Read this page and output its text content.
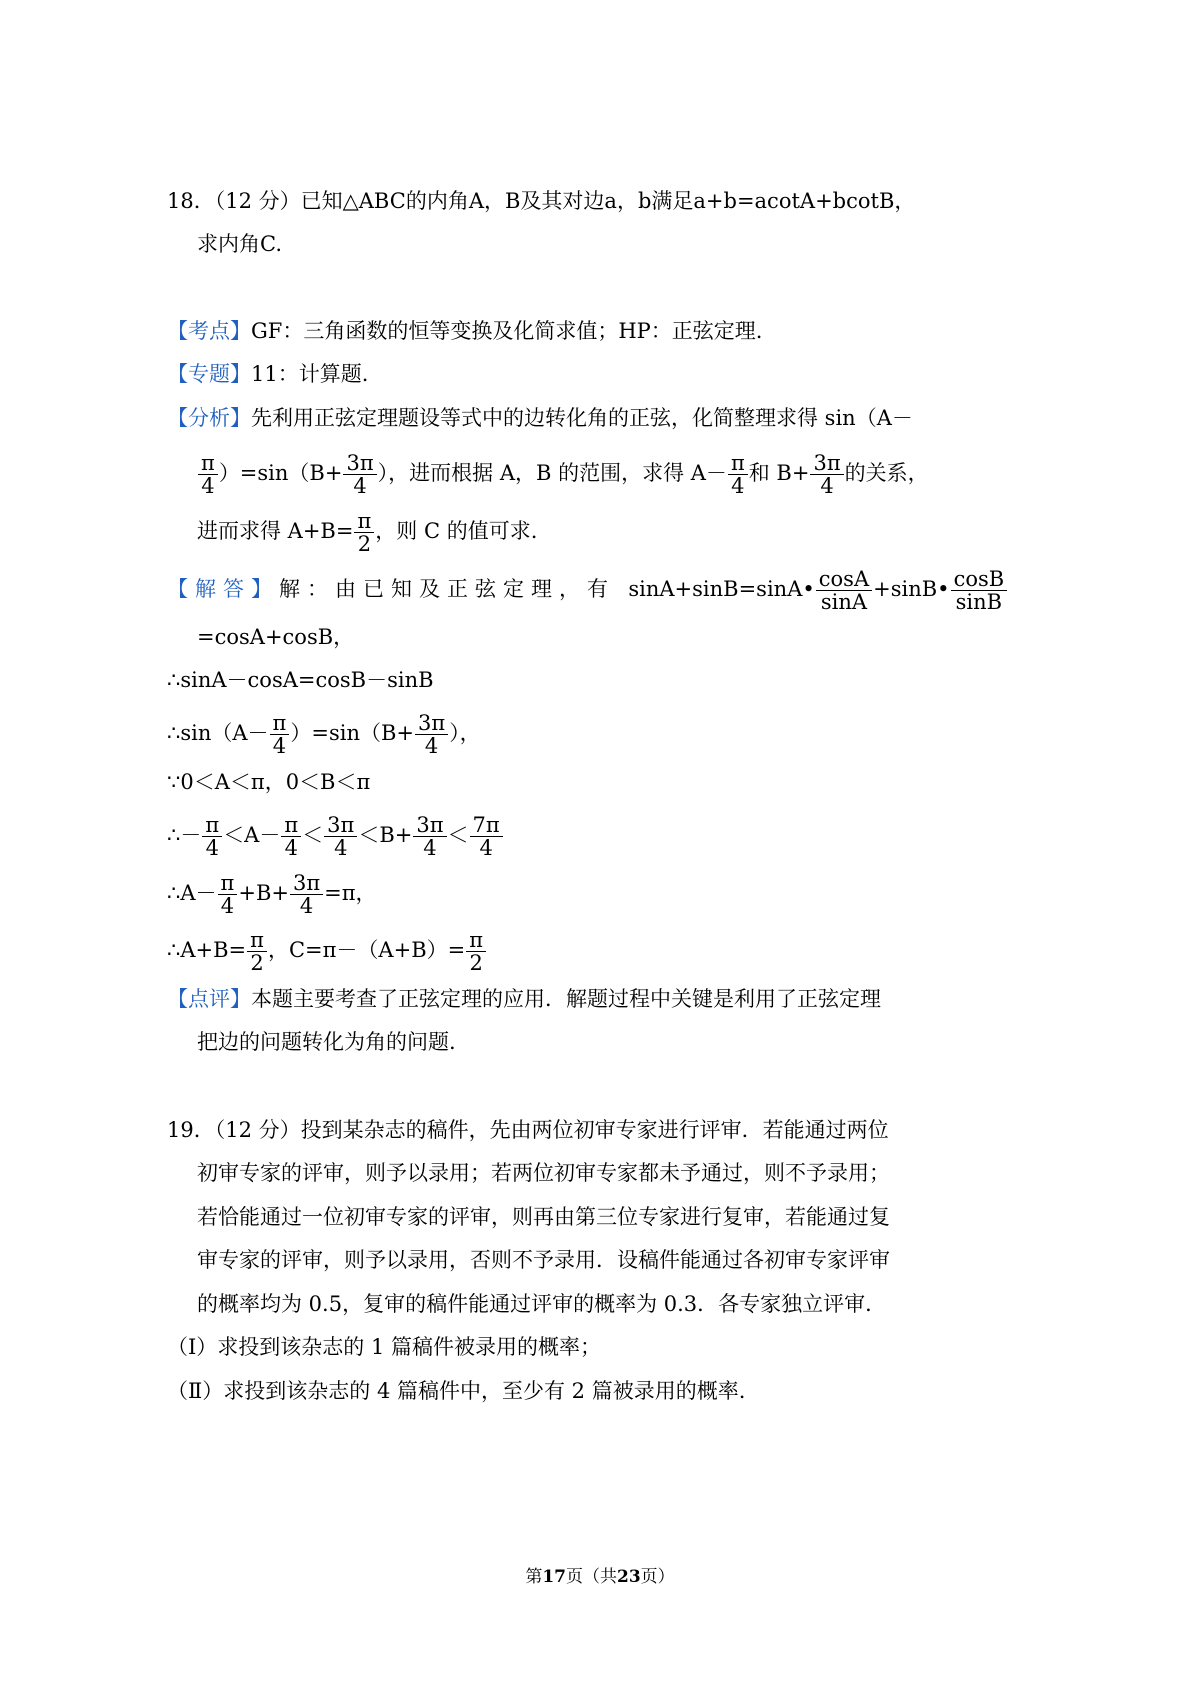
18．（12 分）已知△ABC的内角A，B及其对边a，b满足a+b=acotA+bcotB，
求内角C.
【考点】GF：三角函数的恒等变换及化简求值；HP：正弦定理.
【专题】11：计算题.
【分析】先利用正弦定理题设等式中的边转化角的正弦，化简整理求得 sin（A－
$\frac{\pi}{4} )=\sin(B+ \frac{3\pi}{4}$ ），进而根据 A，B 的范围，求得 $A- \frac{\pi}{4}$ 和 $B+ \frac{3\pi}{4}$ 的关系，
进而求得 $A+B= \frac{\pi}{2}$ ，则 C 的值可求.
【解答】解：由已知及正弦定理，有 sinA+sinB=sinA• $\frac{\cos A}{\sin A}$ +sinB• $\frac{\cos B}{\sin B}$
=cosA+cosB，
∴sinA－cosA=cosB－sinB
∴sin（A－ $\frac{\pi}{4} )=\sin(B+ \frac{3\pi}{4}$ ），
∵0＜A＜π，0＜B＜π
∴－ $\frac{\pi}{4} <A- \frac{\pi}{4} < \frac{3\pi}{4} <B+ \frac{3\pi}{4} < \frac{7\pi}{4}$
∴A－ $\frac{\pi}{4} +B+ \frac{3\pi}{4} =\pi$，
∴A+B= $\frac{\pi}{2}$ ，$C=\pi-(A+B)= \frac{\pi}{2}$
【点评】本题主要考查了正弦定理的应用．解题过程中关键是利用了正弦定理
把边的问题转化为角的问题.
19．（12 分）投到某杂志的稿件，先由两位初审专家进行评审．若能通过两位
初审专家的评审，则予以录用；若两位初审专家都未予通过，则不予录用；
若恰能通过一位初审专家的评审，则再由第三位专家进行复审，若能通过复
审专家的评审，则予以录用，否则不予录用．设稿件能通过各初审专家评审
的概率均为 0.5，复审的稿件能通过评审的概率为 0.3．各专家独立评审．
（Ⅰ）求投到该杂志的 1 篇稿件被录用的概率；
（Ⅱ）求投到该杂志的 4 篇稿件中，至少有 2 篇被录用的概率.
第17页（共23页）
